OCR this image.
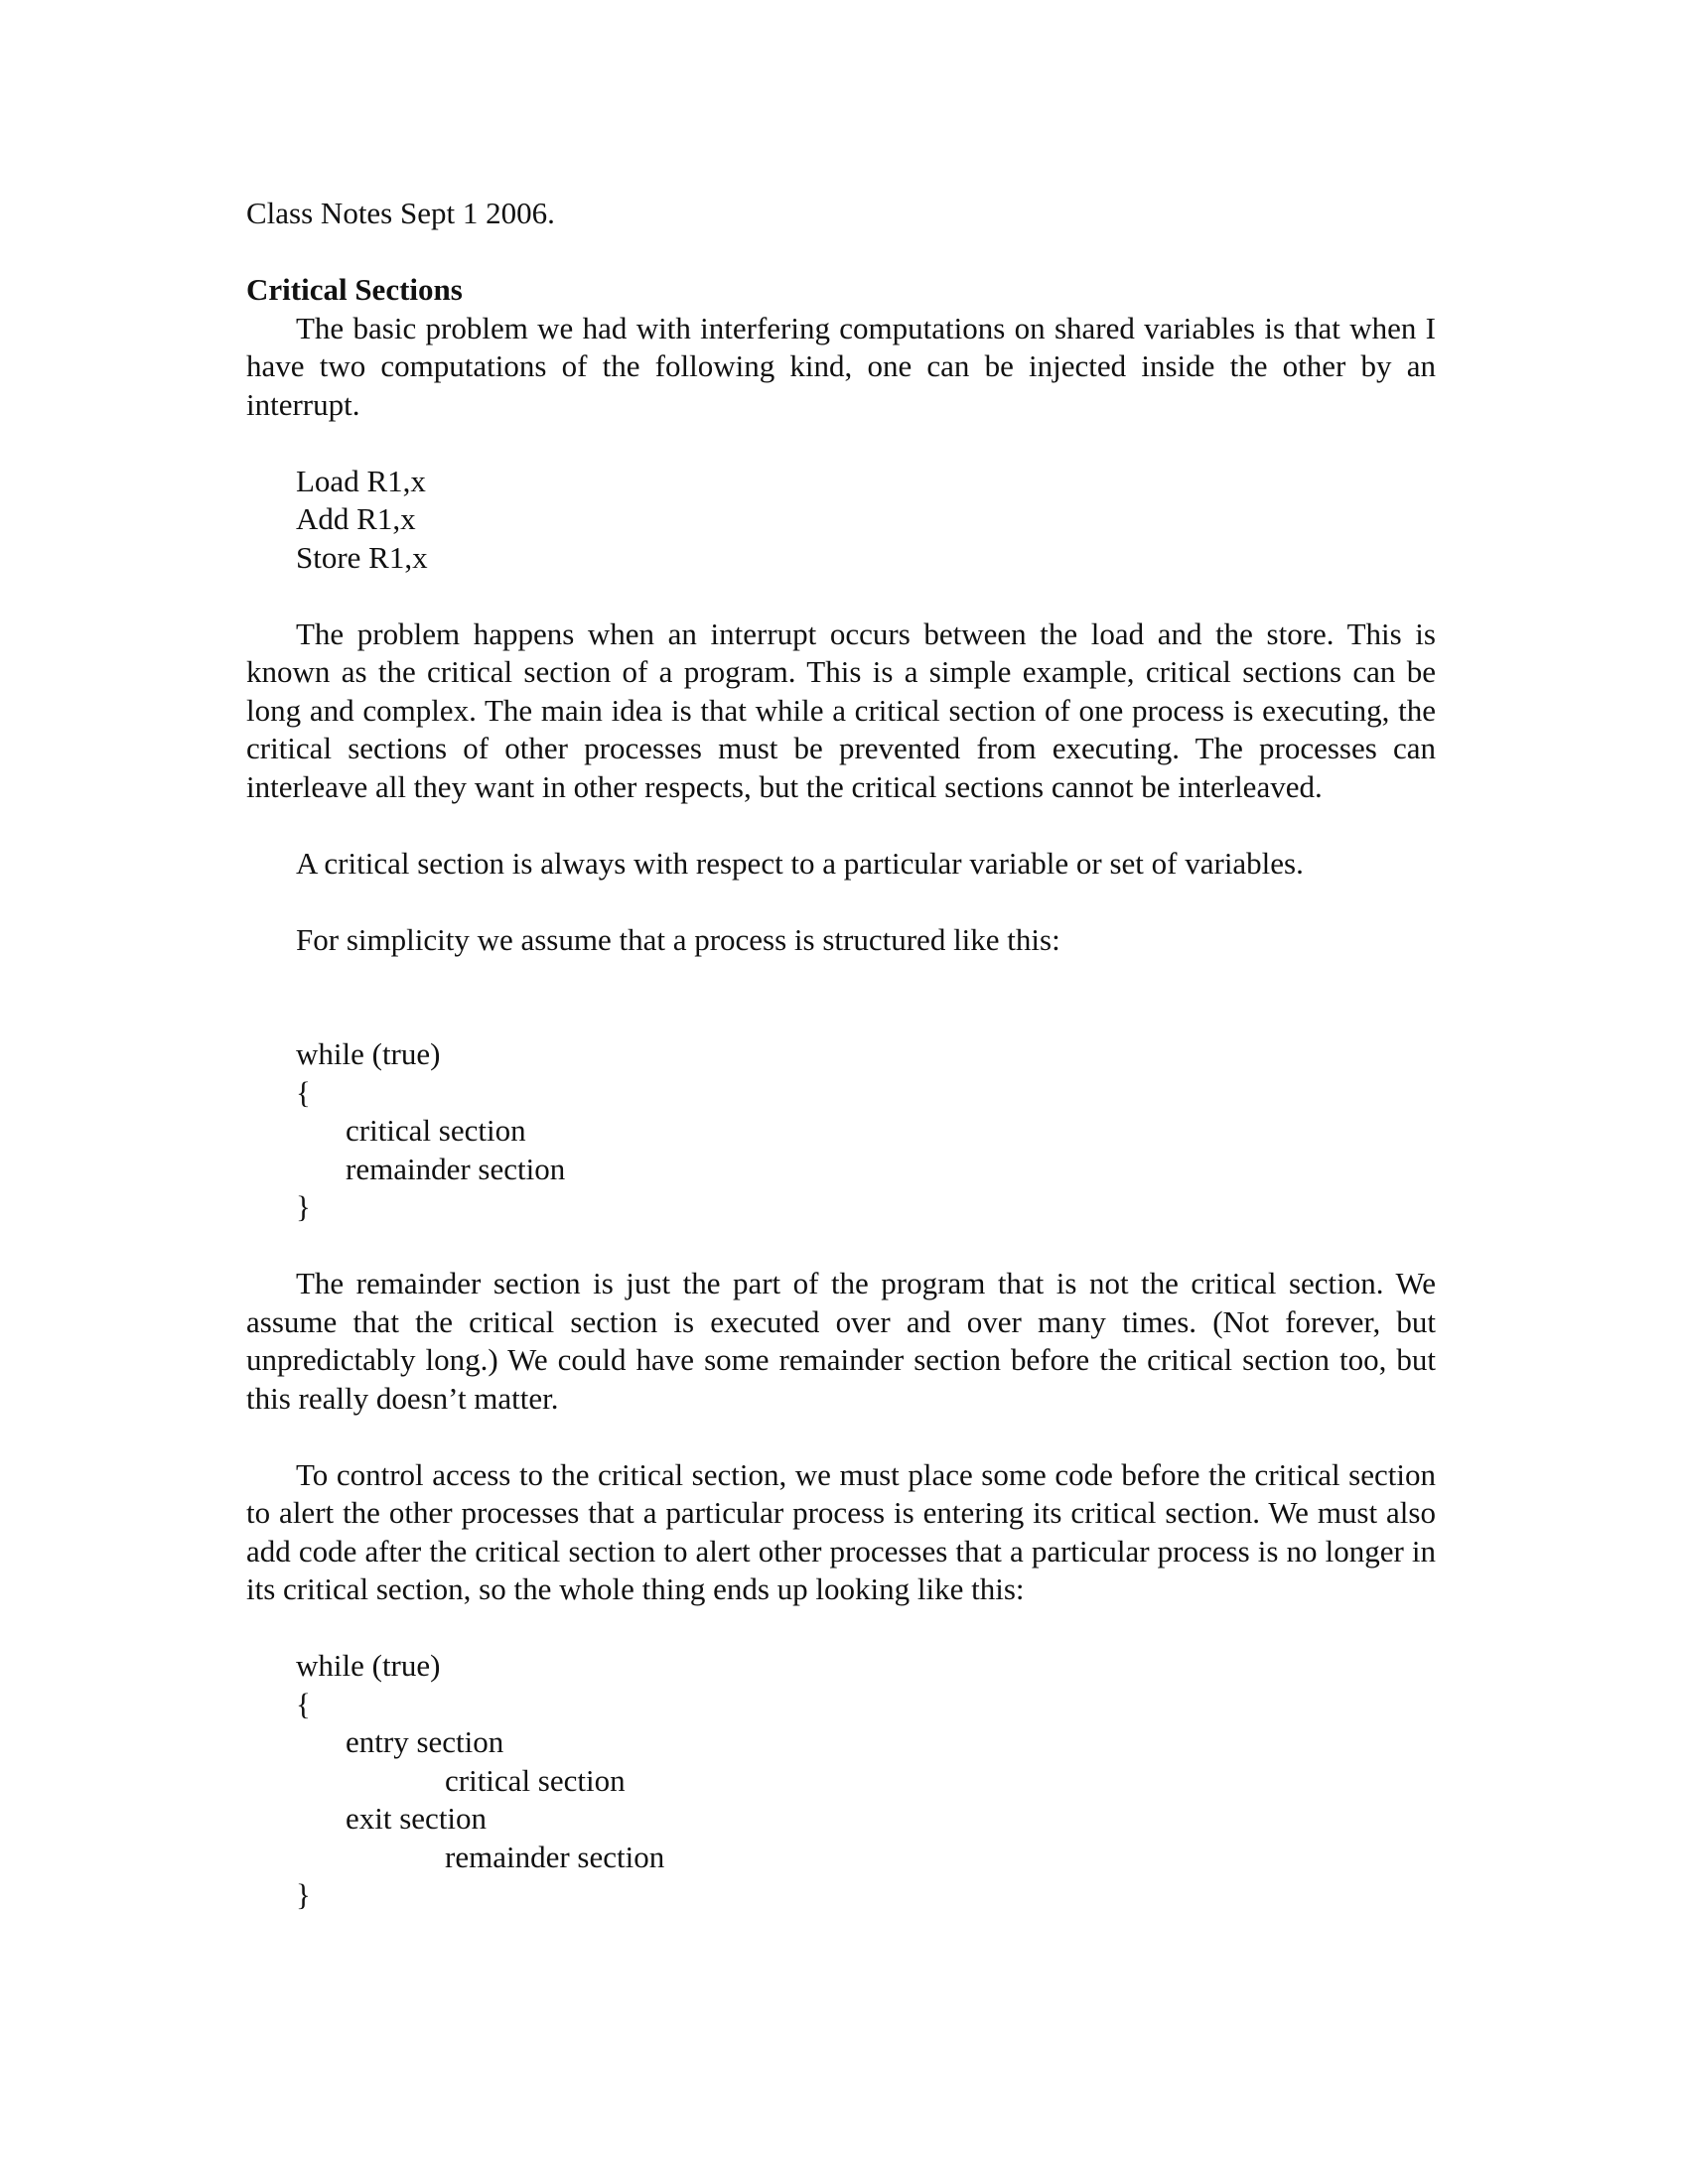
Class Notes Sept 1 2006.

Critical Sections

The basic problem we had with interfering computations on shared variables is that when I have two computations of the following kind, one can be injected inside the other by an interrupt.

Load R1,x

Add R1,x

Store R1,x

The problem happens when an interrupt occurs between the load and the store. This is known as the critical section of a program. This is a simple example, critical sections can be long and complex. The main idea is that while a critical section of one process is executing, the critical sections of other processes must be prevented from executing. The processes can interleave all they want in other respects, but the critical sections cannot be interleaved.

A critical section is always with respect to a particular variable or set of variables.

For simplicity we assume that a process is structured like this:

while (true)

{

critical section

remainder section

}

The remainder section is just the part of the program that is not the critical section. We assume that the critical section is executed over and over many times. (Not forever, but unpredictably long.) We could have some remainder section before the critical section too, but this really doesn’t matter.

To control access to the critical section, we must place some code before the critical section to alert the other processes that a particular process is entering its critical section. We must also add code after the critical section to alert other processes that a particular process is no longer in its critical section, so the whole thing ends up looking like this:

while (true)

{

entry section

critical section

exit section

remainder section

}
